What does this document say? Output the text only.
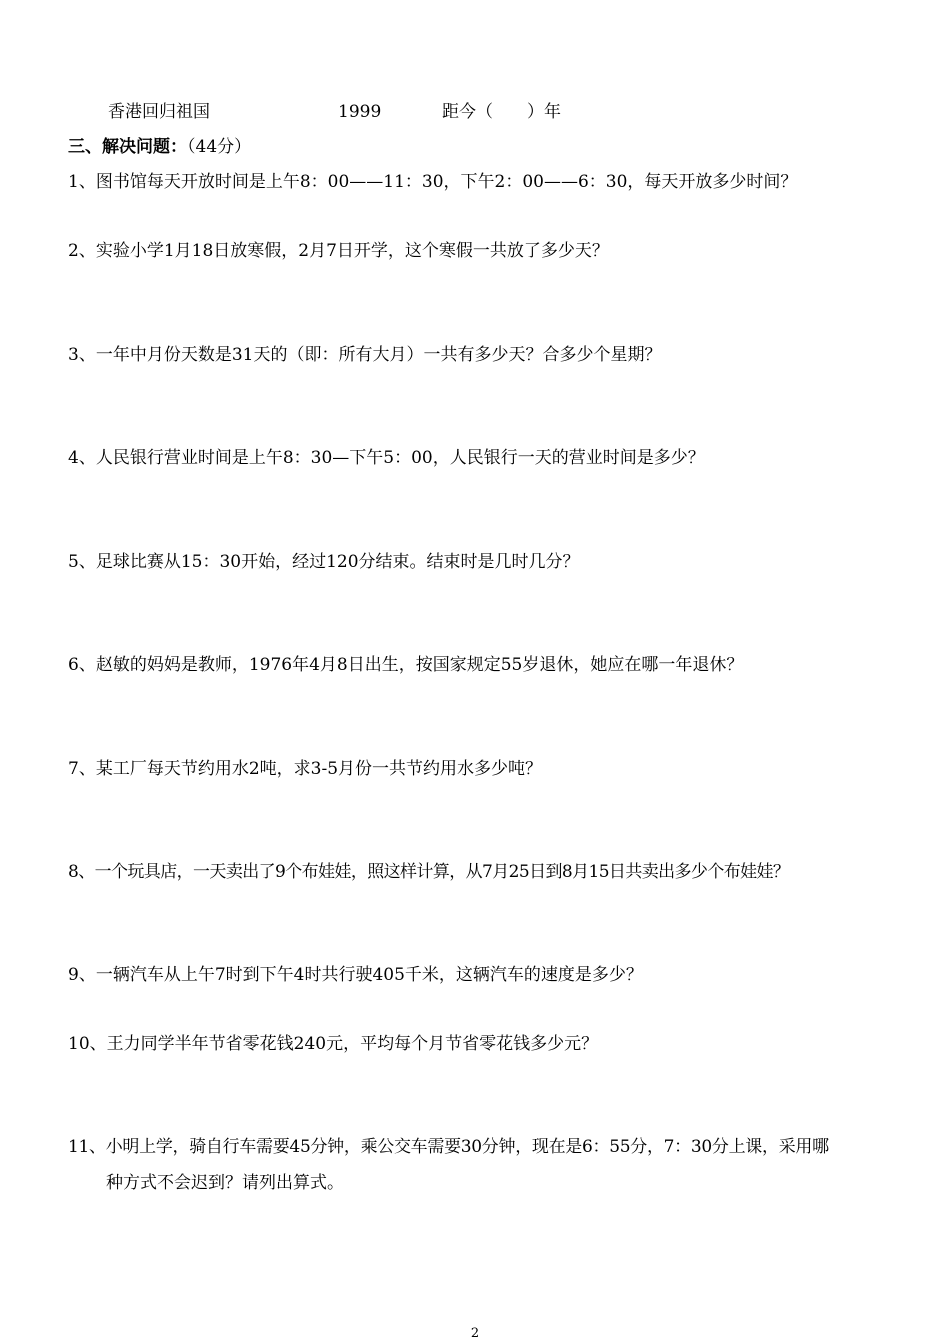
香港回归祖国	1999	距今（　　）年
三、解决问题：（44分）
1、图书馆每天开放时间是上午8：00——11：30，下午2：00——6：30，每天开放多少时间？
2、实验小学1月18日放寒假，2月7日开学，这个寒假一共放了多少天？
3、一年中月份天数是31天的（即：所有大月）一共有多少天？合多少个星期？
4、人民银行营业时间是上午8：30—下午5：00，人民银行一天的营业时间是多少？
5、足球比赛从15：30开始，经过120分结束。结束时是几时几分？
6、赵敏的妈妈是教师，1976年4月8日出生，按国家规定55岁退休，她应在哪一年退休？
7、某工厂每天节约用水2吨，求3-5月份一共节约用水多少吨？
8、一个玩具店，一天卖出了9个布娃娃，照这样计算，从7月25日到8月15日共卖出多少个布娃娃？
9、一辆汽车从上午7时到下午4时共行驶405千米，这辆汽车的速度是多少？
10、王力同学半年节省零花钱240元，平均每个月节省零花钱多少元？
11、小明上学，骑自行车需要45分钟，乘公交车需要30分钟，现在是6：55分，7：30分上课，采用哪
种方式不会迟到？请列出算式。
2
